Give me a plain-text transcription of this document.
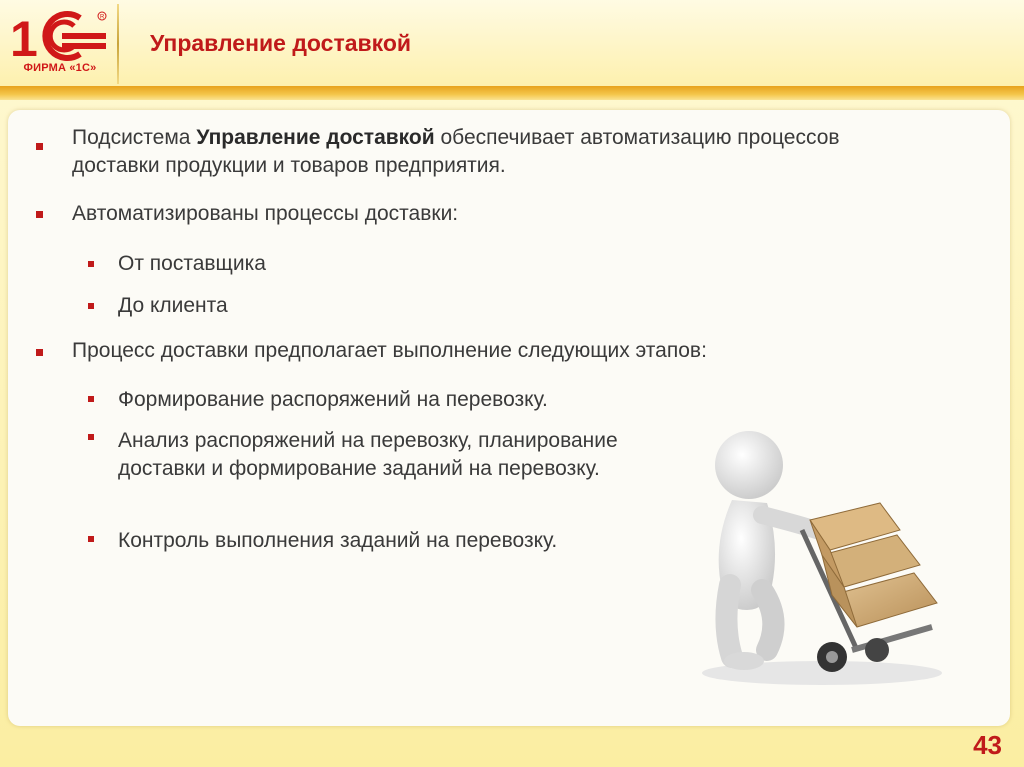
1	R
ФИРМА «1С»
Управление доставкой
Подсистема Управление доставкой обеспечивает автоматизацию процессов доставки продукции и товаров предприятия.
Автоматизированы процессы доставки:
От поставщика
До клиента
Процесс доставки предполагает выполнение следующих этапов:
Формирование распоряжений на перевозку.
Анализ распоряжений на перевозку, планирование доставки и формирование заданий на перевозку.
Контроль выполнения заданий на перевозку.
43
